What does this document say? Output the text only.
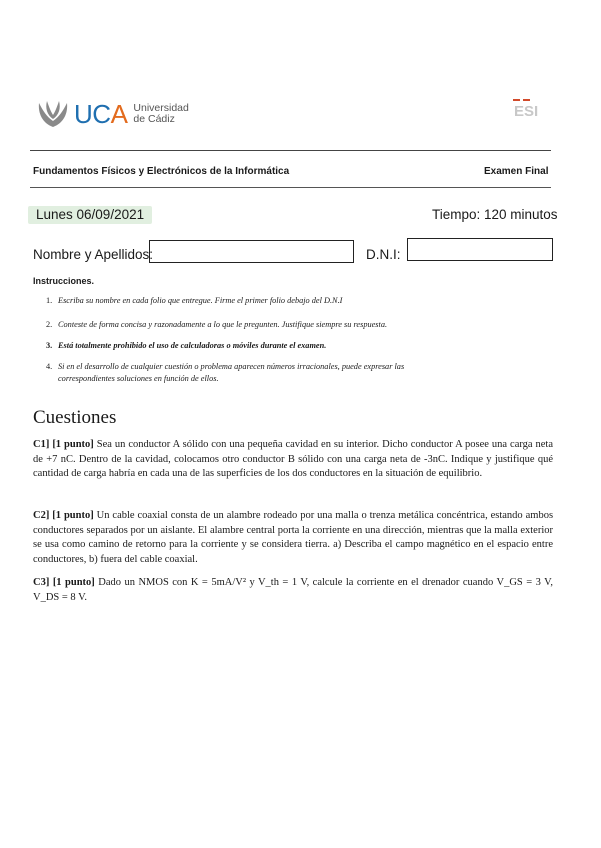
UCA Universidad
de Cádiz	ESI
Fundamentos Físicos y Electrónicos de la Informática	Examen Final
Lunes 06/09/2021	Tiempo: 120 minutos
Nombre y Apellidos:	D.N.I:
Instrucciones.
1. Escriba su nombre en cada folio que entregue. Firme el primer folio debajo del D.N.I
2. Conteste de forma concisa y razonadamente a lo que le pregunten. Justifique siempre su respuesta.
3. Está totalmente prohibido el uso de calculadoras o móviles durante el examen.
4. Si en el desarrollo de cualquier cuestión o problema aparecen números irracionales, puede expresar las
correspondientes soluciones en función de ellos.
Cuestiones
C1] [1 punto] Sea un conductor A sólido con una pequeña cavidad en su interior. Dicho conductor A posee una carga neta de +7 nC. Dentro de la cavidad, colocamos otro conductor B sólido con una carga neta de -3nC. Indique y justifique qué cantidad de carga habría en cada una de las superficies de los dos conductores en la situación de equilibrio.
C2] [1 punto] Un cable coaxial consta de un alambre rodeado por una malla o trenza metálica concéntrica, estando ambos conductores separados por un aislante. El alambre central porta la corriente en una dirección, mientras que la malla exterior se usa como camino de retorno para la corriente y se considera tierra. a) Describa el campo magnético en el espacio entre conductores, b) fuera del cable coaxial.
C3] [1 punto] Dado un NMOS con K = 5mA/V² y V_th = 1 V, calcule la corriente en el drenador cuando V_GS = 3 V, V_DS = 8 V.
